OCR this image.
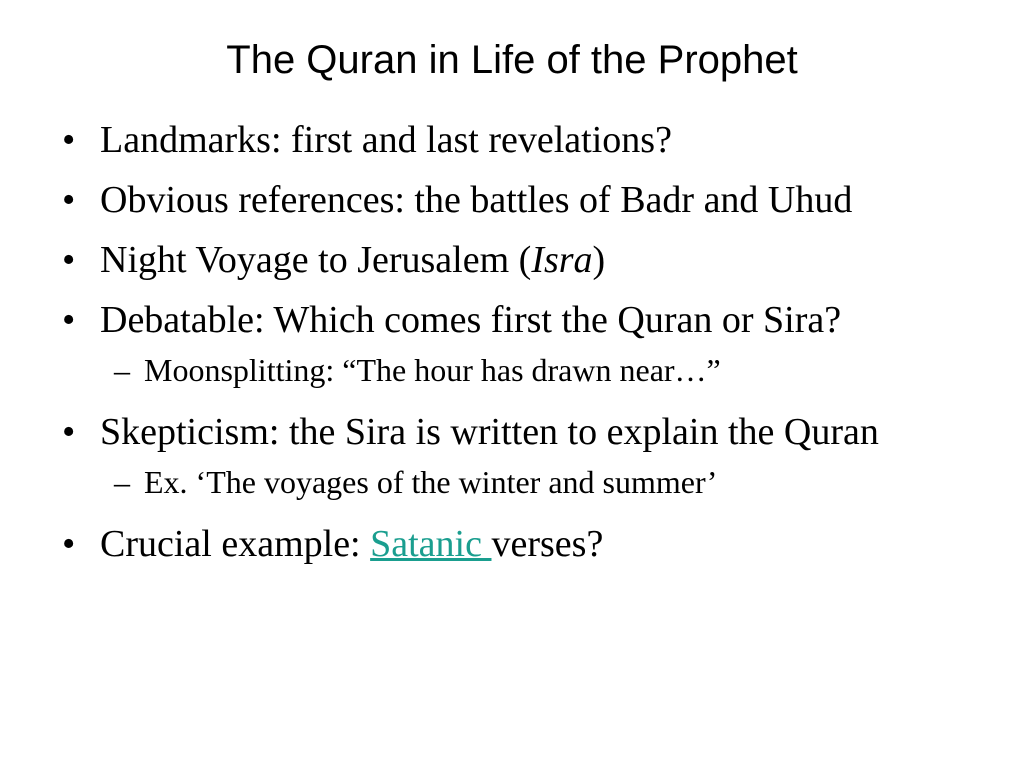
The Quran in Life of the Prophet
• Landmarks: first and last revelations?
• Obvious references: the battles of Badr and Uhud
• Night Voyage to Jerusalem (Isra)
• Debatable: Which comes first the Quran or Sira?
– Moonsplitting: “The hour has drawn near…”
• Skepticism: the Sira is written to explain the Quran
– Ex. ‘The voyages of the winter and summer’
• Crucial example: Satanic verses?
